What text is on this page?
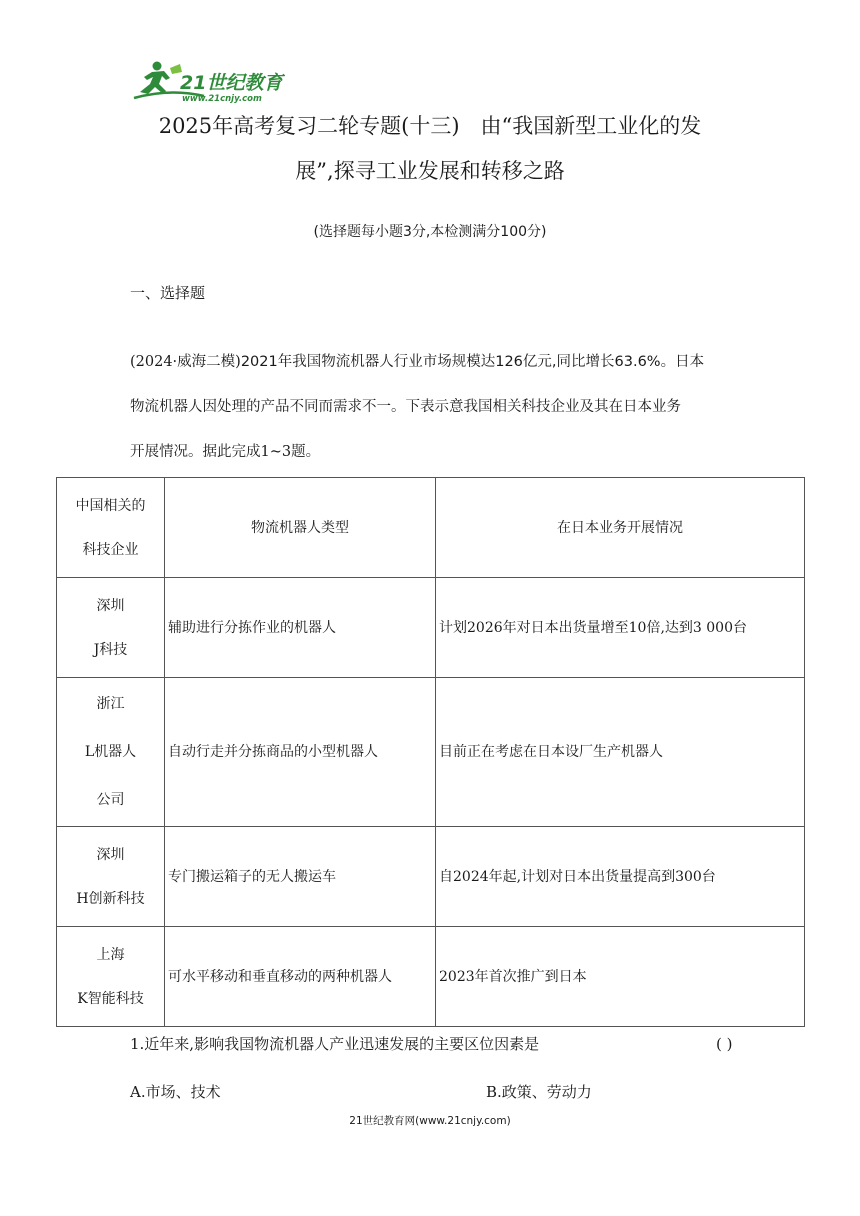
21世纪教育
www.21cnjy.com
2025年高考复习二轮专题(十三)　由“我国新型工业化的发
展”,探寻工业发展和转移之路
(选择题每小题3分,本检测满分100分)
一、选择题
(2024·威海二模)2021年我国物流机器人行业市场规模达126亿元,同比增长63.6%。日本
物流机器人因处理的产品不同而需求不一。下表示意我国相关科技企业及其在日本业务
开展情况。据此完成1~3题。
中国相关的
科技企业	物流机器人类型	在日本业务开展情况

深圳
J科技	辅助进行分拣作业的机器人	计划2026年对日本出货量增至10倍,达到3 000台

浙江
L机器人
公司	自动行走并分拣商品的小型机器人	目前正在考虑在日本设厂生产机器人

深圳
H创新科技	专门搬运箱子的无人搬运车	自2024年起,计划对日本出货量提高到300台

上海
K智能科技	可水平移动和垂直移动的两种机器人	2023年首次推广到日本
1.近年来,影响我国物流机器人产业迅速发展的主要区位因素是	( )
A.市场、技术	B.政策、劳动力
21世纪教育网(www.21cnjy.com)
